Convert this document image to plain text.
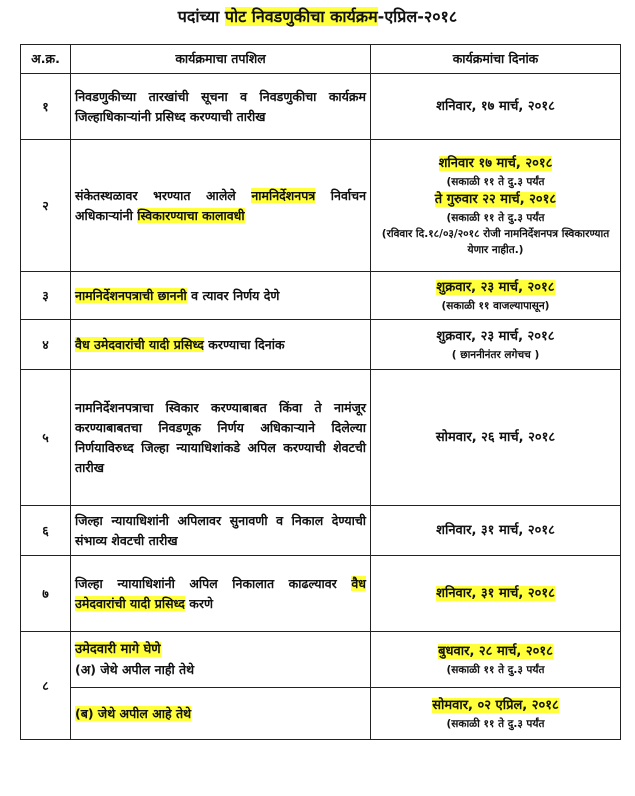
पदांच्या पोट निवडणुकीचा कार्यक्रम-एप्रिल-२०१८
अ.क्र.	कार्यक्रमाचा तपशिल	कार्यक्रमांचा दिनांक
१	निवडणुकीच्या तारखांची सूचना व निवडणुकीचा कार्यक्रम जिल्हाधिकाऱ्यांनी प्रसिध्द करण्याची तारीख	शनिवार, १७ मार्च, २०१८

२	संकेतस्थळावर भरण्यात आलेले नामनिर्देशनपत्र निर्वाचन अधिकाऱ्यांनी स्विकारण्याचा कालावधी	शनिवार १७ मार्च, २०१८
(सकाळी ११ ते दु.३ पर्यंत
ते गुरुवार २२ मार्च, २०१८
(सकाळी ११ ते दु.३ पर्यंत
(रविवार दि.१८/०३/२०१८ रोजी नामनिर्देशनपत्र स्विकारण्यात येणार नाहीत.)

३	नामनिर्देशनपत्राची छाननी व त्यावर निर्णय देणे	शुक्रवार, २३ मार्च, २०१८
(सकाळी ११ वाजल्यापासून)

४	वैध उमेदवारांची यादी प्रसिध्द करण्याचा दिनांक	शुक्रवार, २३ मार्च, २०१८
( छाननीनंतर लगेचच )

५	नामनिर्देशनपत्राचा स्विकार करण्याबाबत किंवा ते नामंजूर करण्याबाबतचा निवडणूक निर्णय अधिकाऱ्याने दिलेल्या निर्णयाविरुध्द जिल्हा न्यायाधिशांकडे अपिल करण्याची शेवटची तारीख	सोमवार, २६ मार्च, २०१८

६	जिल्हा न्यायाधिशांनी अपिलावर सुनावणी व निकाल देण्याची संभाव्य शेवटची तारीख	शनिवार, ३१ मार्च, २०१८

७	जिल्हा न्यायाधिशांनी अपिल निकालात काढल्यावर वैध उमेदवारांची यादी प्रसिध्द करणे	शनिवार, ३१ मार्च, २०१८

८	उमेदवारी मागे घेणे
(अ) जेथे अपील नाही तेथे	बुधवार, २८ मार्च, २०१८
(सकाळी ११ ते दु.३ पर्यंत

	(ब) जेथे अपील आहे तेथे	सोमवार, ०२ एप्रिल, २०१८
(सकाळी ११ ते दु.३ पर्यंत
